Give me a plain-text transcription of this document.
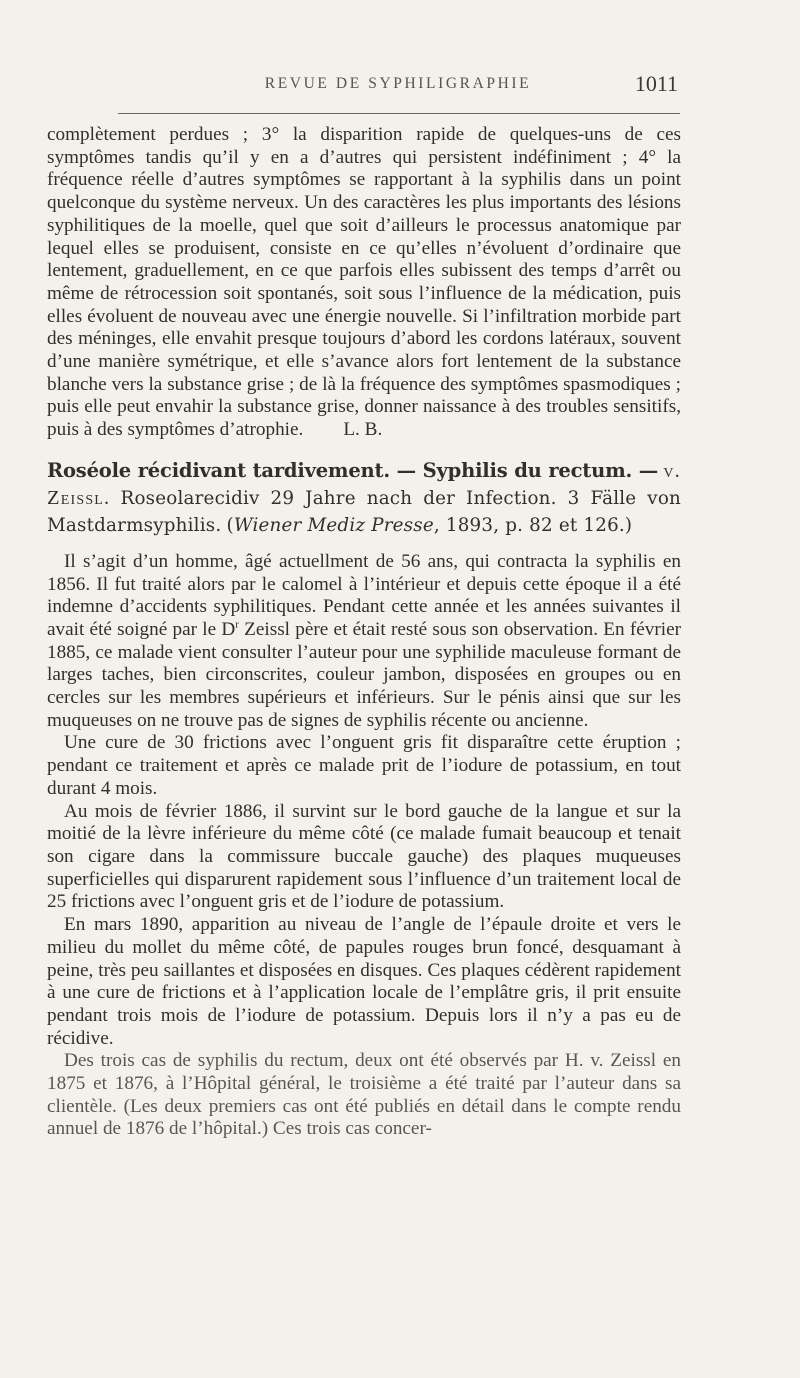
REVUE DE SYPHILIGRAPHIE	1011

complètement perdues ; 3° la disparition rapide de quelques-uns de ces symptômes tandis qu’il y en a d’autres qui persistent indéfiniment ; 4° la fréquence réelle d’autres symptômes se rapportant à la syphilis dans un point quelconque du système nerveux. Un des caractères les plus importants des lésions syphilitiques de la moelle, quel que soit d’ailleurs le processus anatomique par lequel elles se produisent, consiste en ce qu’elles n’évoluent d’ordinaire que lentement, graduellement, en ce que parfois elles subissent des temps d’arrêt ou même de rétrocession soit spontanés, soit sous l’influence de la médication, puis elles évoluent de nouveau avec une énergie nouvelle. Si l’infiltration morbide part des méninges, elle envahit presque toujours d’abord les cordons latéraux, souvent d’une manière symétrique, et elle s’avance alors fort lentement de la substance blanche vers la substance grise ; de là la fréquence des symptômes spasmodiques ; puis elle peut envahir la substance grise, donner naissance à des troubles sensitifs, puis à des symptômes d’atrophie. L. B.

Roséole récidivant tardivement. — Syphilis du rectum. — v. Zeissl. Roseolarecidiv 29 Jahre nach der Infection. 3 Fälle von Mastdarmsyphilis. (Wiener Mediz Presse, 1893, p. 82 et 126.)

Il s’agit d’un homme, âgé actuellment de 56 ans, qui contracta la syphilis en 1856. Il fut traité alors par le calomel à l’intérieur et depuis cette époque il a été indemne d’accidents syphilitiques. Pendant cette année et les années suivantes il avait été soigné par le $D^r$ Zeissl père et était resté sous son observation. En février 1885, ce malade vient consulter l’auteur pour une syphilide maculeuse formant de larges taches, bien circonscrites, couleur jambon, disposées en groupes ou en cercles sur les membres supérieurs et inférieurs. Sur le pénis ainsi que sur les muqueuses on ne trouve pas de signes de syphilis récente ou ancienne.

Une cure de 30 frictions avec l’onguent gris fit disparaître cette éruption ; pendant ce traitement et après ce malade prit de l’iodure de potassium, en tout durant 4 mois.

Au mois de février 1886, il survint sur le bord gauche de la langue et sur la moitié de la lèvre inférieure du même côté (ce malade fumait beaucoup et tenait son cigare dans la commissure buccale gauche) des plaques muqueuses superficielles qui disparurent rapidement sous l’influence d’un traitement local de 25 frictions avec l’onguent gris et de l’iodure de potassium.

En mars 1890, apparition au niveau de l’angle de l’épaule droite et vers le milieu du mollet du même côté, de papules rouges brun foncé, desquamant à peine, très peu saillantes et disposées en disques. Ces plaques cédèrent rapidement à une cure de frictions et à l’application locale de l’emplâtre gris, il prit ensuite pendant trois mois de l’iodure de potassium. Depuis lors il n’y a pas eu de récidive.

Des trois cas de syphilis du rectum, deux ont été observés par H. v. Zeissl en 1875 et 1876, à l’Hôpital général, le troisième a été traité par l’auteur dans sa clientèle. (Les deux premiers cas ont été publiés en détail dans le compte rendu annuel de 1876 de l’hôpital.) Ces trois cas concer-
